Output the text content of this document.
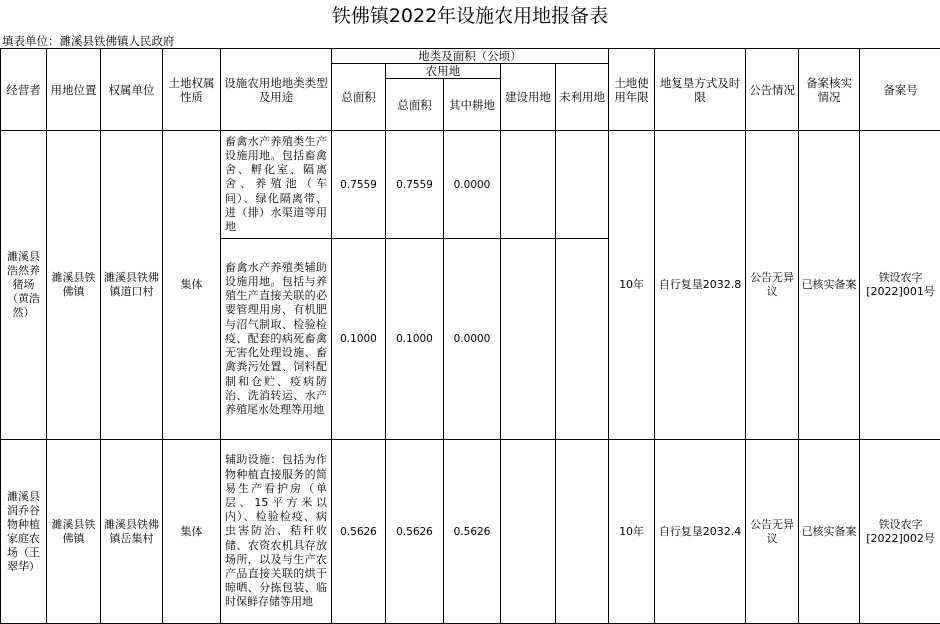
铁佛镇2022年设施农用地报备表
填表单位：濉溪县铁佛镇人民政府
经营者	用地位置	权属单位	土地权属性质	设施农用地地类类型及用途	地类及面积（公顷）					土地使用年限	地复垦方式及时限	公告情况	备案核实情况	备案号
					总面积	农用地		建设用地	未利用地					
						总面积	其中耕地							
濉溪县浩然养猪场（黄浩然）	濉溪县铁佛镇	濉溪县铁佛镇道口村	集体	畜禽水产养殖类生产设施用地。包括畜禽舍、孵化室、隔离舍、养殖池（车间）、绿化隔离带、进（排）水渠道等用地	0.7559	0.7559	0.0000			10年	自行复垦2032.8	公告无异议	已核实备案	铁设农字[2022]001号
				畜禽水产养殖类辅助设施用地。包括与养殖生产直接关联的必要管理用房、有机肥与沼气制取、检验检疫、配套的病死畜禽无害化处理设施、畜禽粪污处置、饲料配制和仓贮、疫病防治、洗消转运、水产养殖尾水处理等用地	0.1000	0.1000	0.0000							
濉溪县润乔谷物种植家庭农场（王翠华）	濉溪县铁佛镇	濉溪县铁佛镇岳集村	集体	辅助设施：包括为作物种植直接服务的简易生产看护房（单层、15平方米以内）、检验检疫、病虫害防治、秸秆收储、农资农机具存放场所，以及与生产农产品直接关联的烘干晾晒、分拣包装、临时保鲜存储等用地	0.5626	0.5626	0.5626			10年	自行复垦2032.4	公告无异议	已核实备案	铁设农字[2022]002号
